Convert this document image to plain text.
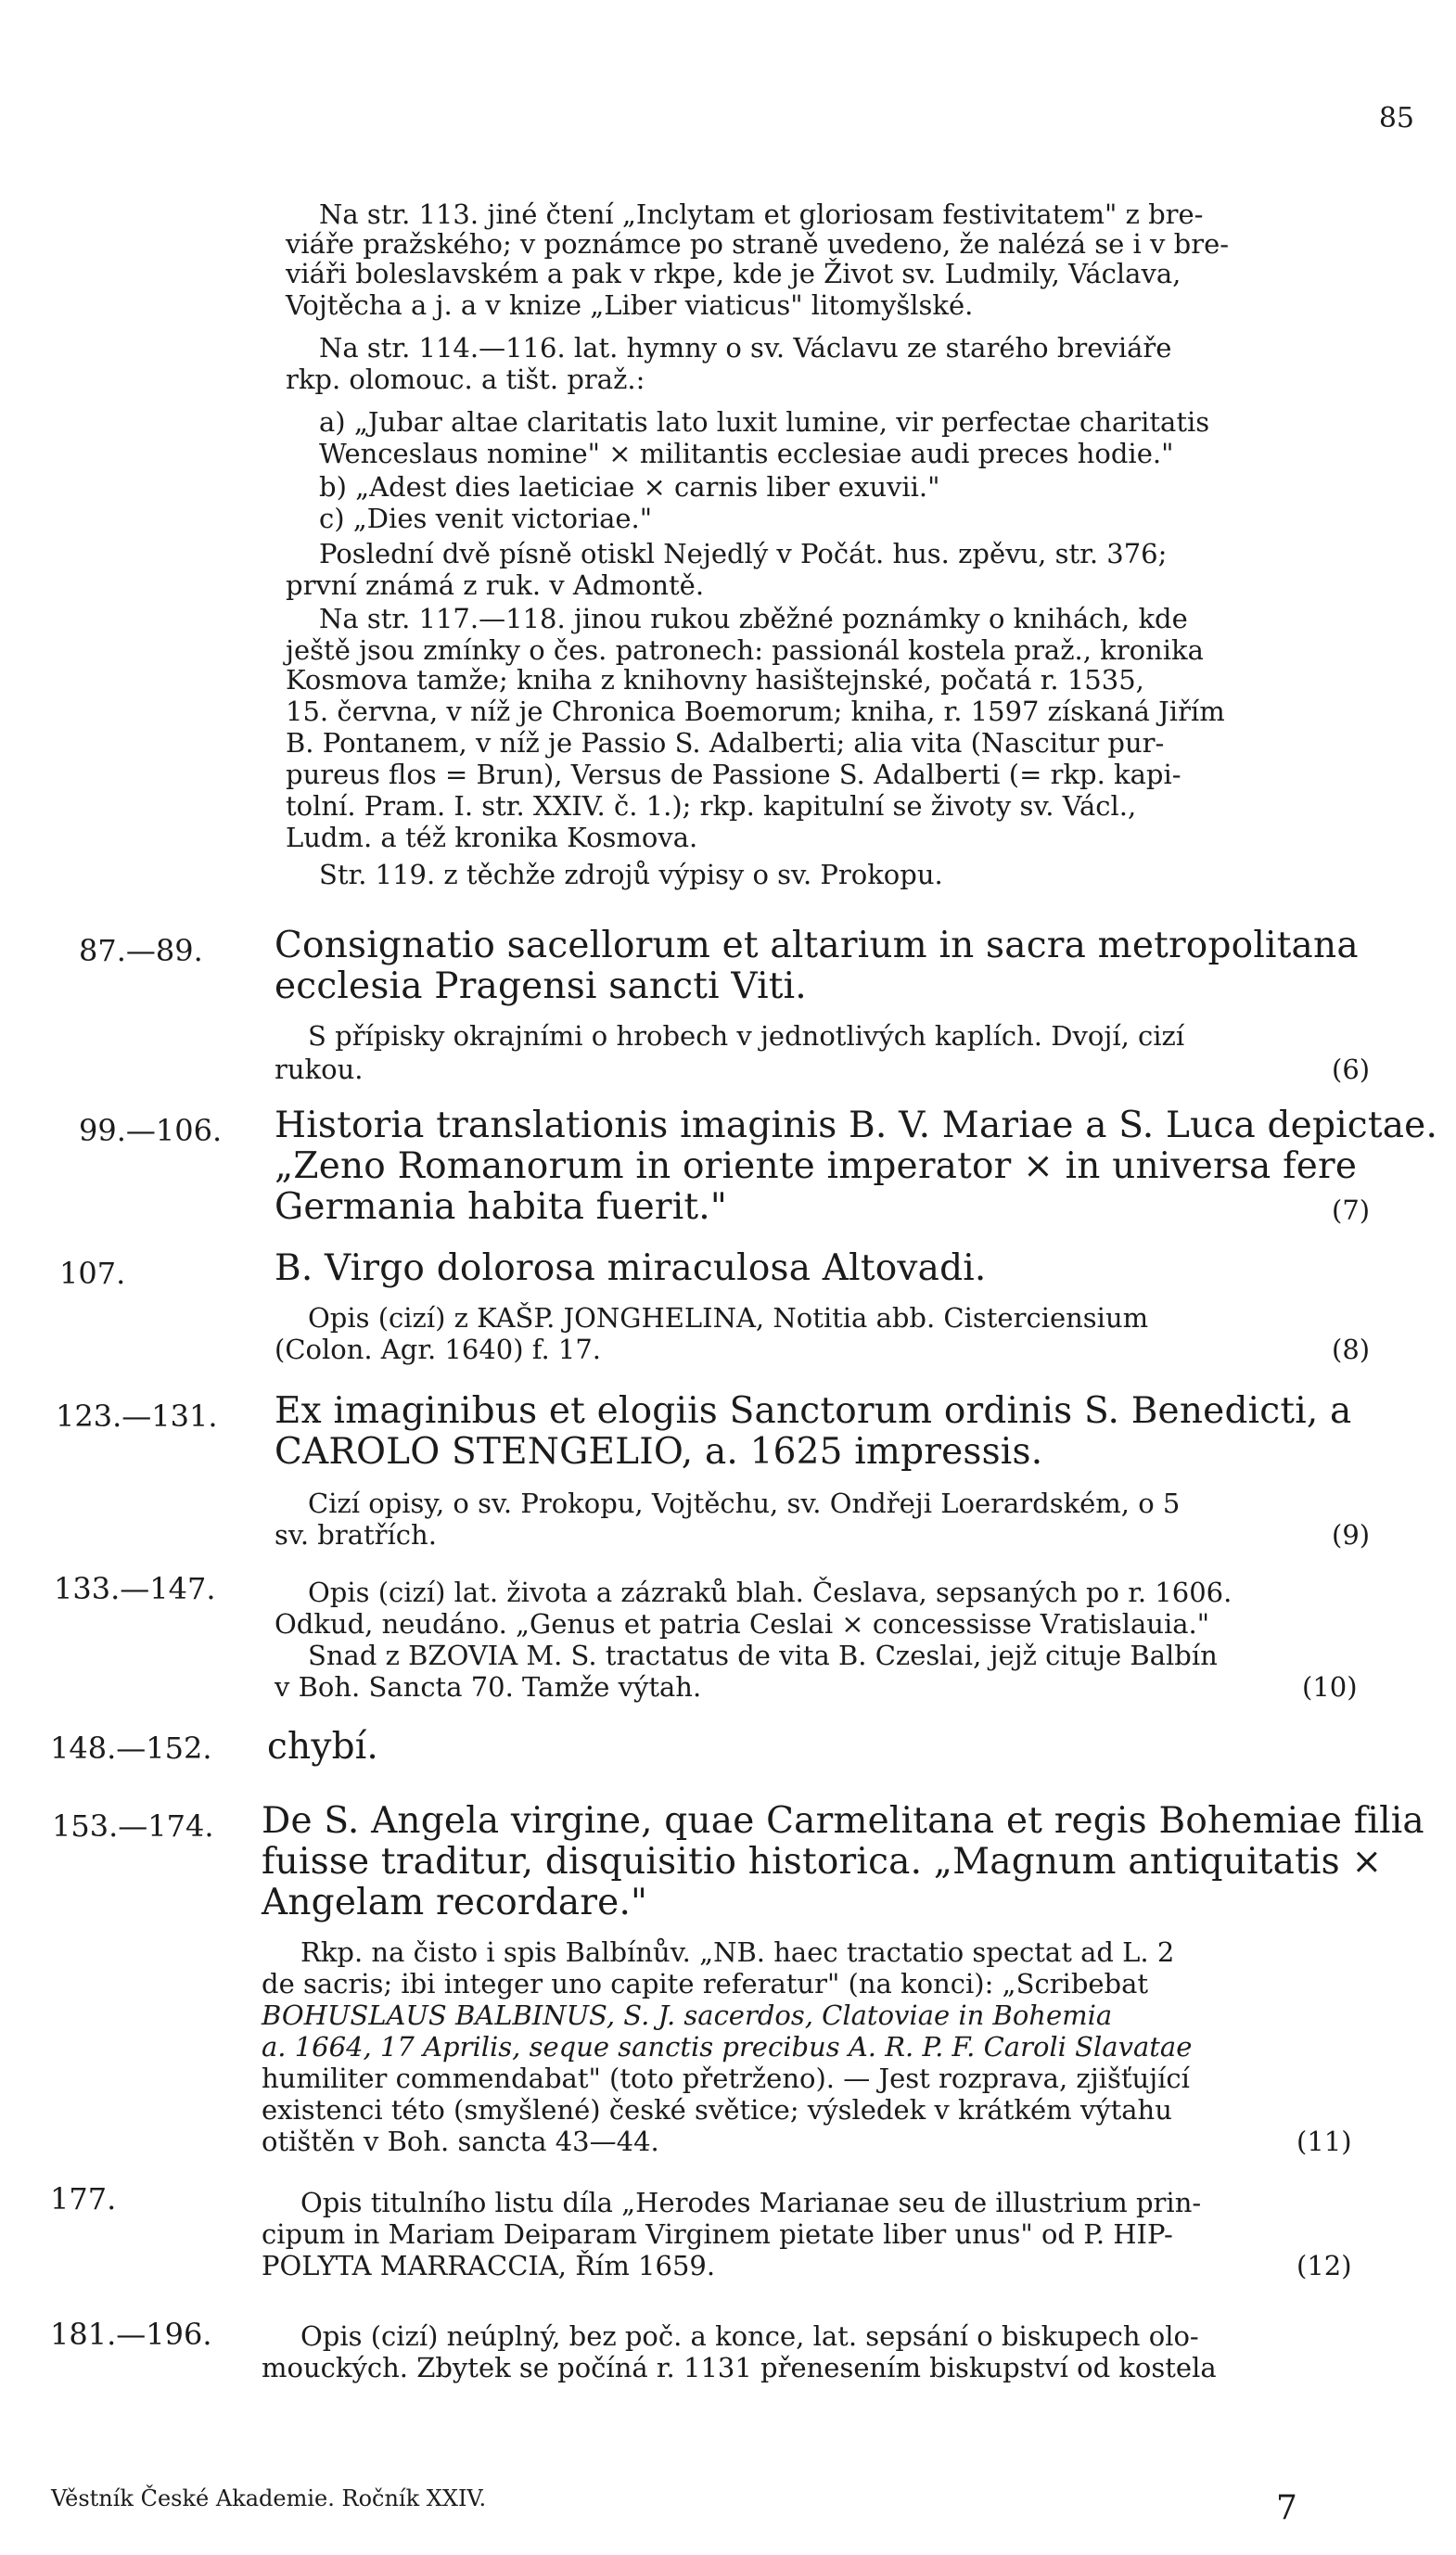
85
Na str. 113. jiné čtení „Inclytam et gloriosam festivitatem" z bre-
viáře pražského; v poznámce po straně uvedeno, že nalézá se i v bre-
viáři boleslavském a pak v rkpe, kde je Život sv. Ludmily, Václava,
Vojtěcha a j. a v knize „Liber viaticus" litomyšlské.
Na str. 114.—116. lat. hymny o sv. Václavu ze starého breviáře
rkp. olomouc. a tišt. praž.:
a) „Jubar altae claritatis lato luxit lumine, vir perfectae charitatis
Wenceslaus nomine" × militantis ecclesiae audi preces hodie."
b) „Adest dies laeticiae × carnis liber exuvii."
c) „Dies venit victoriae."
Poslední dvě písně otiskl Nejedlý v Počát. hus. zpěvu, str. 376;
první známá z ruk. v Admontě.
Na str. 117.—118. jinou rukou zběžné poznámky o knihách, kde
ještě jsou zmínky o čes. patronech: passionál kostela praž., kronika
Kosmova tamže; kniha z knihovny hasištejnské, počatá r. 1535,
15. června, v níž je Chronica Boemorum; kniha, r. 1597 získaná Jiřím
B. Pontanem, v níž je Passio S. Adalberti; alia vita (Nascitur pur-
pureus flos = Brun), Versus de Passione S. Adalberti (= rkp. kapi-
tolní. Pram. I. str. XXIV. č. 1.); rkp. kapitulní se životy sv. Václ.,
Ludm. a též kronika Kosmova.
Str. 119. z těchže zdrojů výpisy o sv. Prokopu.
87.—89. Consignatio sacellorum et altarium in sacra metropolitana
ecclesia Pragensi sancti Viti.
S přípisky okrajními o hrobech v jednotlivých kaplích. Dvojí, cizí
rukou.	(6)
99.—106. Historia translationis imaginis B. V. Mariae a S. Luca depictae.
„Zeno Romanorum in oriente imperator × in universa fere
Germania habita fuerit."	(7)
107.	B. Virgo dolorosa miraculosa Altovadi.
Opis (cizí) z KAŠP. JONGHELINA, Notitia abb. Cisterciensium
(Colon. Agr. 1640) f. 17.	(8)
123.—131. Ex imaginibus et elogiis Sanctorum ordinis S. Benedicti, a
CAROLO STENGELIO, a. 1625 impressis.
Cizí opisy, o sv. Prokopu, Vojtěchu, sv. Ondřeji Loerardském, o 5
sv. bratřích.	(9)
133.—147.	Opis (cizí) lat. života a zázraků blah. Česlava, sepsaných po r. 1606.
Odkud, neudáno. „Genus et patria Ceslai × concessisse Vratislauia."
Snad z BZOVIA M. S. tractatus de vita B. Czeslai, jejž cituje Balbín
v Boh. Sancta 70. Tamže výtah.	(10)
148.—152. chybí.
153.—174. De S. Angela virgine, quae Carmelitana et regis Bohemiae filia
fuisse traditur, disquisitio historica. „Magnum antiquitatis ×
Angelam recordare."
Rkp. na čisto i spis Balbínův. „NB. haec tractatio spectat ad L. 2
de sacris; ibi integer uno capite referatur" (na konci): „Scribebat
BOHUSLAUS BALBINUS, S. J. sacerdos, Clatoviae in Bohemia
a. 1664, 17 Aprilis, seque sanctis precibus A. R. P. F. Caroli Slavatae
humiliter commendabat" (toto přetrženo). — Jest rozprava, zjišťující
existenci této (smyšlené) české světice; výsledek v krátkém výtahu
otištěn v Boh. sancta 43—44.	(11)
177.	Opis titulního listu díla „Herodes Marianae seu de illustrium prin-
cipum in Mariam Deiparam Virginem pietate liber unus" od P. HIP-
POLYTA MARRACCIA, Řím 1659.	(12)
181.—196.	Opis (cizí) neúplný, bez poč. a konce, lat. sepsání o biskupech olo-
mouckých. Zbytek se počíná r. 1131 přenesením biskupství od kostela
Věstník České Akademie. Ročník XXIV.	7
